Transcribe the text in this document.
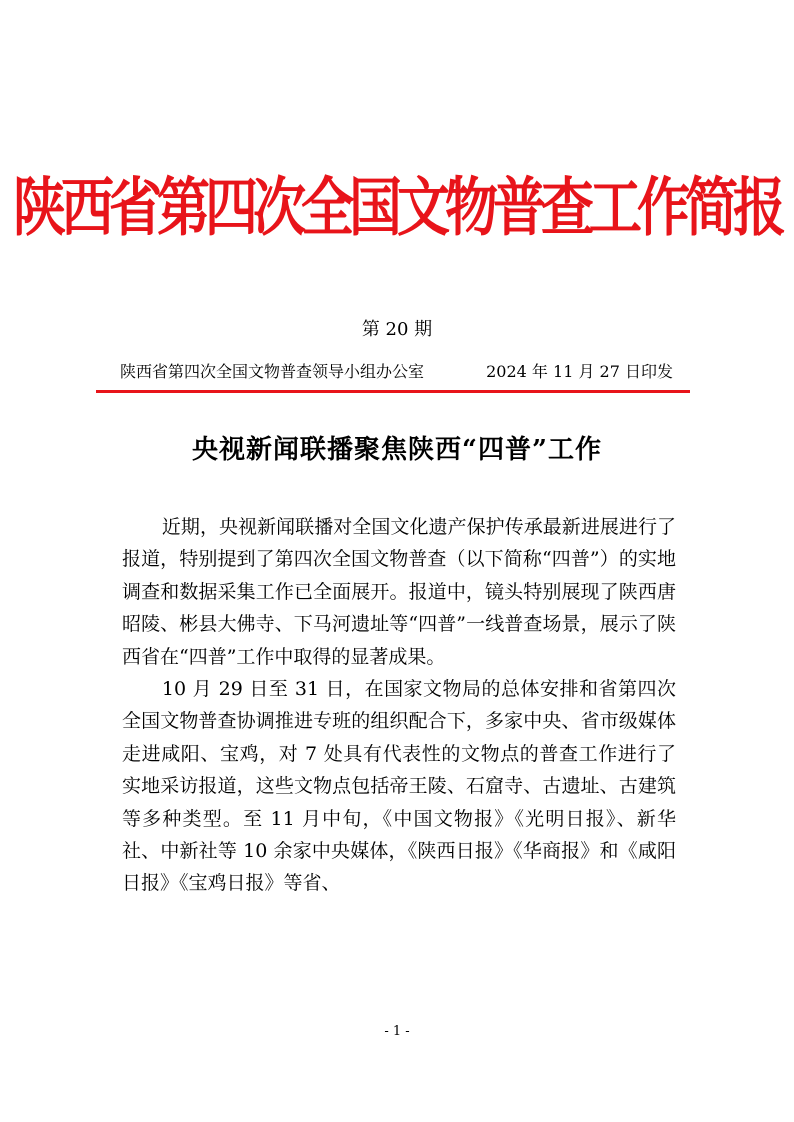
陕西省第四次全国文物普查工作简报
第 20 期
陕西省第四次全国文物普查领导小组办公室	2024 年 11 月 27 日印发
央视新闻联播聚焦陕西“四普”工作

近期，央视新闻联播对全国文化遗产保护传承最新进展进行了报道，特别提到了第四次全国文物普查（以下简称“四普”）的实地调查和数据采集工作已全面展开。报道中，镜头特别展现了陕西唐昭陵、彬县大佛寺、下马河遗址等“四普”一线普查场景，展示了陕西省在“四普”工作中取得的显著成果。

10 月 29 日至 31 日，在国家文物局的总体安排和省第四次全国文物普查协调推进专班的组织配合下，多家中央、省市级媒体走进咸阳、宝鸡，对 7 处具有代表性的文物点的普查工作进行了实地采访报道，这些文物点包括帝王陵、石窟寺、古遗址、古建筑等多种类型。至 11 月中旬，《中国文物报》《光明日报》、新华社、中新社等 10 余家中央媒体，《陕西日报》《华商报》和《咸阳日报》《宝鸡日报》等省、

- 1 -
